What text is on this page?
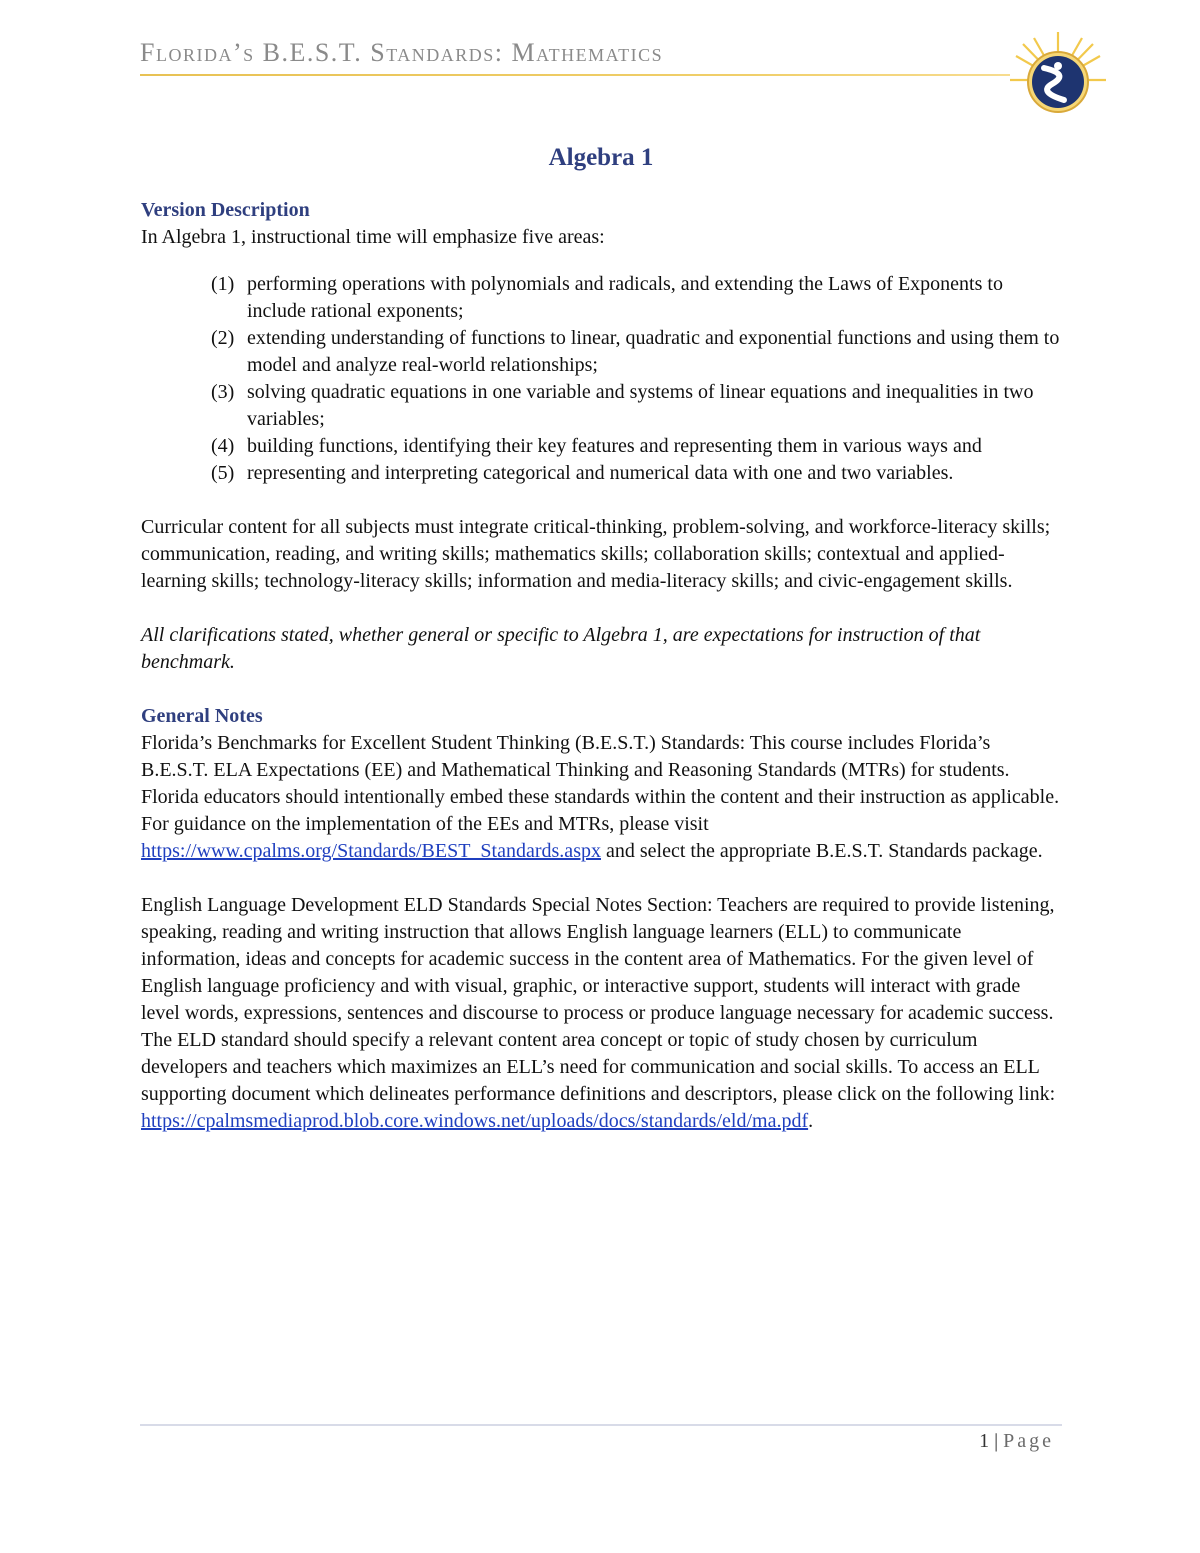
Florida’s B.E.S.T. Standards: Mathematics
Algebra 1
Version Description

In Algebra 1, instructional time will emphasize five areas:

(1) performing operations with polynomials and radicals, and extending the Laws of Exponents to include rational exponents;
(2) extending understanding of functions to linear, quadratic and exponential functions and using them to model and analyze real-world relationships;
(3) solving quadratic equations in one variable and systems of linear equations and inequalities in two variables;
(4) building functions, identifying their key features and representing them in various ways and
(5) representing and interpreting categorical and numerical data with one and two variables.

Curricular content for all subjects must integrate critical-thinking, problem-solving, and workforce-literacy skills; communication, reading, and writing skills; mathematics skills; collaboration skills; contextual and applied-learning skills; technology-literacy skills; information and media-literacy skills; and civic-engagement skills.

All clarifications stated, whether general or specific to Algebra 1, are expectations for instruction of that benchmark.

General Notes

Florida’s Benchmarks for Excellent Student Thinking (B.E.S.T.) Standards: This course includes Florida’s B.E.S.T. ELA Expectations (EE) and Mathematical Thinking and Reasoning Standards (MTRs) for students. Florida educators should intentionally embed these standards within the content and their instruction as applicable. For guidance on the implementation of the EEs and MTRs, please visit https://www.cpalms.org/Standards/BEST_Standards.aspx and select the appropriate B.E.S.T. Standards package.

English Language Development ELD Standards Special Notes Section: Teachers are required to provide listening, speaking, reading and writing instruction that allows English language learners (ELL) to communicate information, ideas and concepts for academic success in the content area of Mathematics. For the given level of English language proficiency and with visual, graphic, or interactive support, students will interact with grade level words, expressions, sentences and discourse to process or produce language necessary for academic success. The ELD standard should specify a relevant content area concept or topic of study chosen by curriculum developers and teachers which maximizes an ELL’s need for communication and social skills. To access an ELL supporting document which delineates performance definitions and descriptors, please click on the following link:
https://cpalmsmediaprod.blob.core.windows.net/uploads/docs/standards/eld/ma.pdf.

1 | Page
